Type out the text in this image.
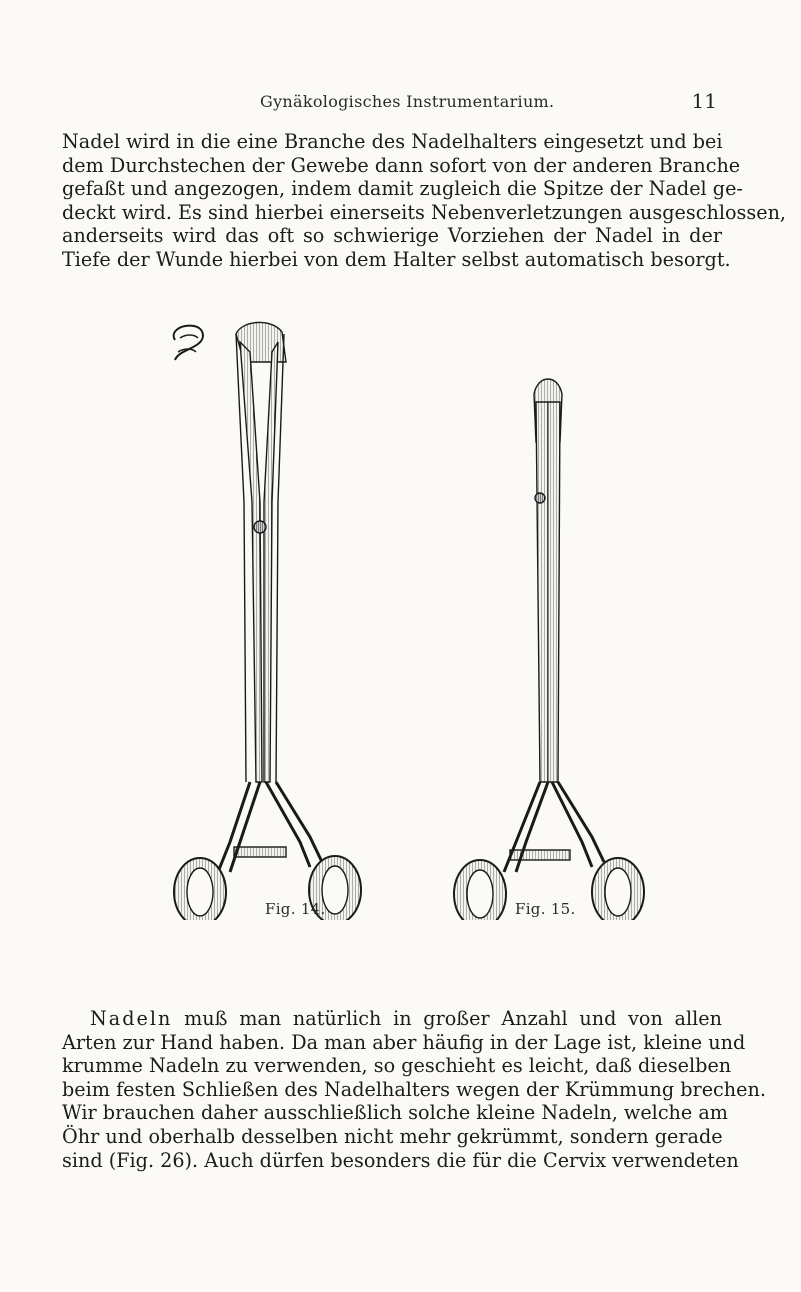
Gynäkologisches Instrumentarium.	11
Nadel wird in die eine Branche des Nadelhalters eingesetzt und bei
dem Durchstechen der Gewebe dann sofort von der anderen Branche
gefaßt und angezogen, indem damit zugleich die Spitze der Nadel ge-
deckt wird. Es sind hierbei einerseits Nebenverletzungen ausgeschlossen,
anderseits wird das oft so schwierige Vorziehen der Nadel in der
Tiefe der Wunde hierbei von dem Halter selbst automatisch besorgt.
Fig. 14.	Fig. 15.
Nadeln muß man natürlich in großer Anzahl und von allen
Arten zur Hand haben. Da man aber häufig in der Lage ist, kleine und
krumme Nadeln zu verwenden, so geschieht es leicht, daß dieselben
beim festen Schließen des Nadelhalters wegen der Krümmung brechen.
Wir brauchen daher ausschließlich solche kleine Nadeln, welche am
Öhr und oberhalb desselben nicht mehr gekrümmt, sondern gerade
sind (Fig. 26). Auch dürfen besonders die für die Cervix verwendeten
